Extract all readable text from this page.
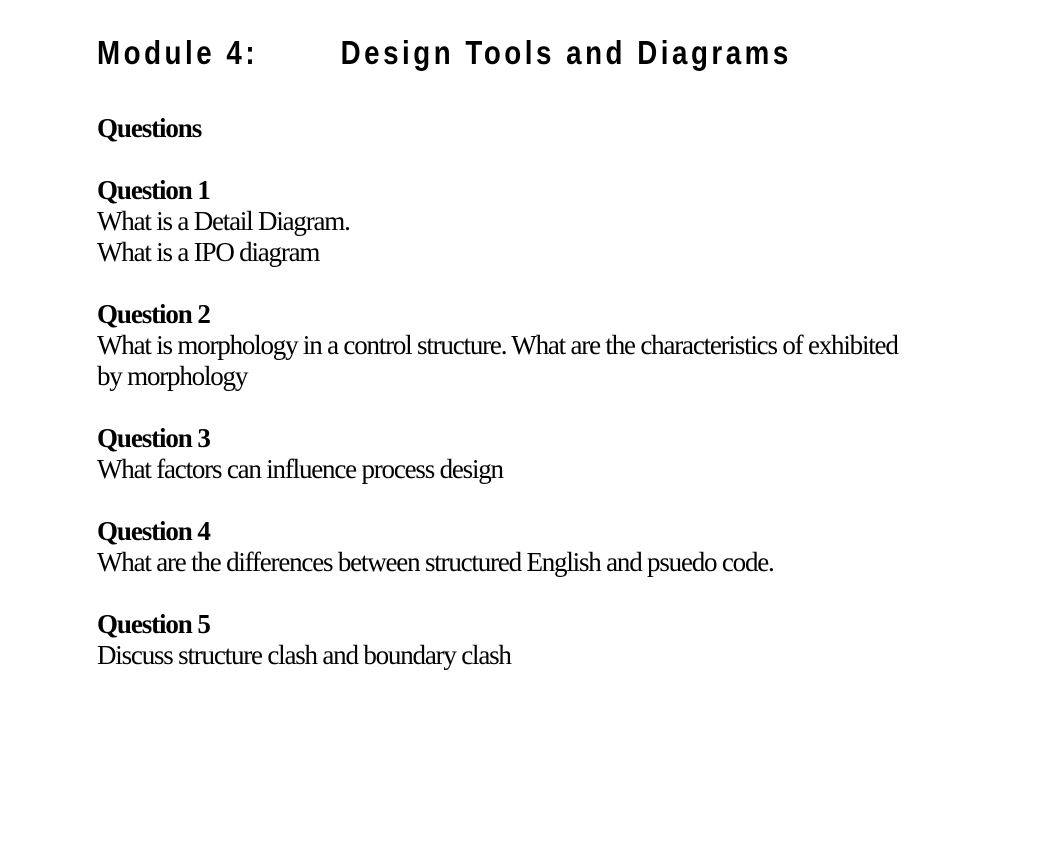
Module 4: Design Tools and Diagrams
Questions
Question 1
What is a Detail Diagram.
What is a IPO diagram
Question 2
What is morphology in a control structure. What are the characteristics of exhibited
by morphology
Question 3
What factors can influence process design
Question 4
What are the differences between structured English and psuedo code.
Question 5
Discuss structure clash and boundary clash
